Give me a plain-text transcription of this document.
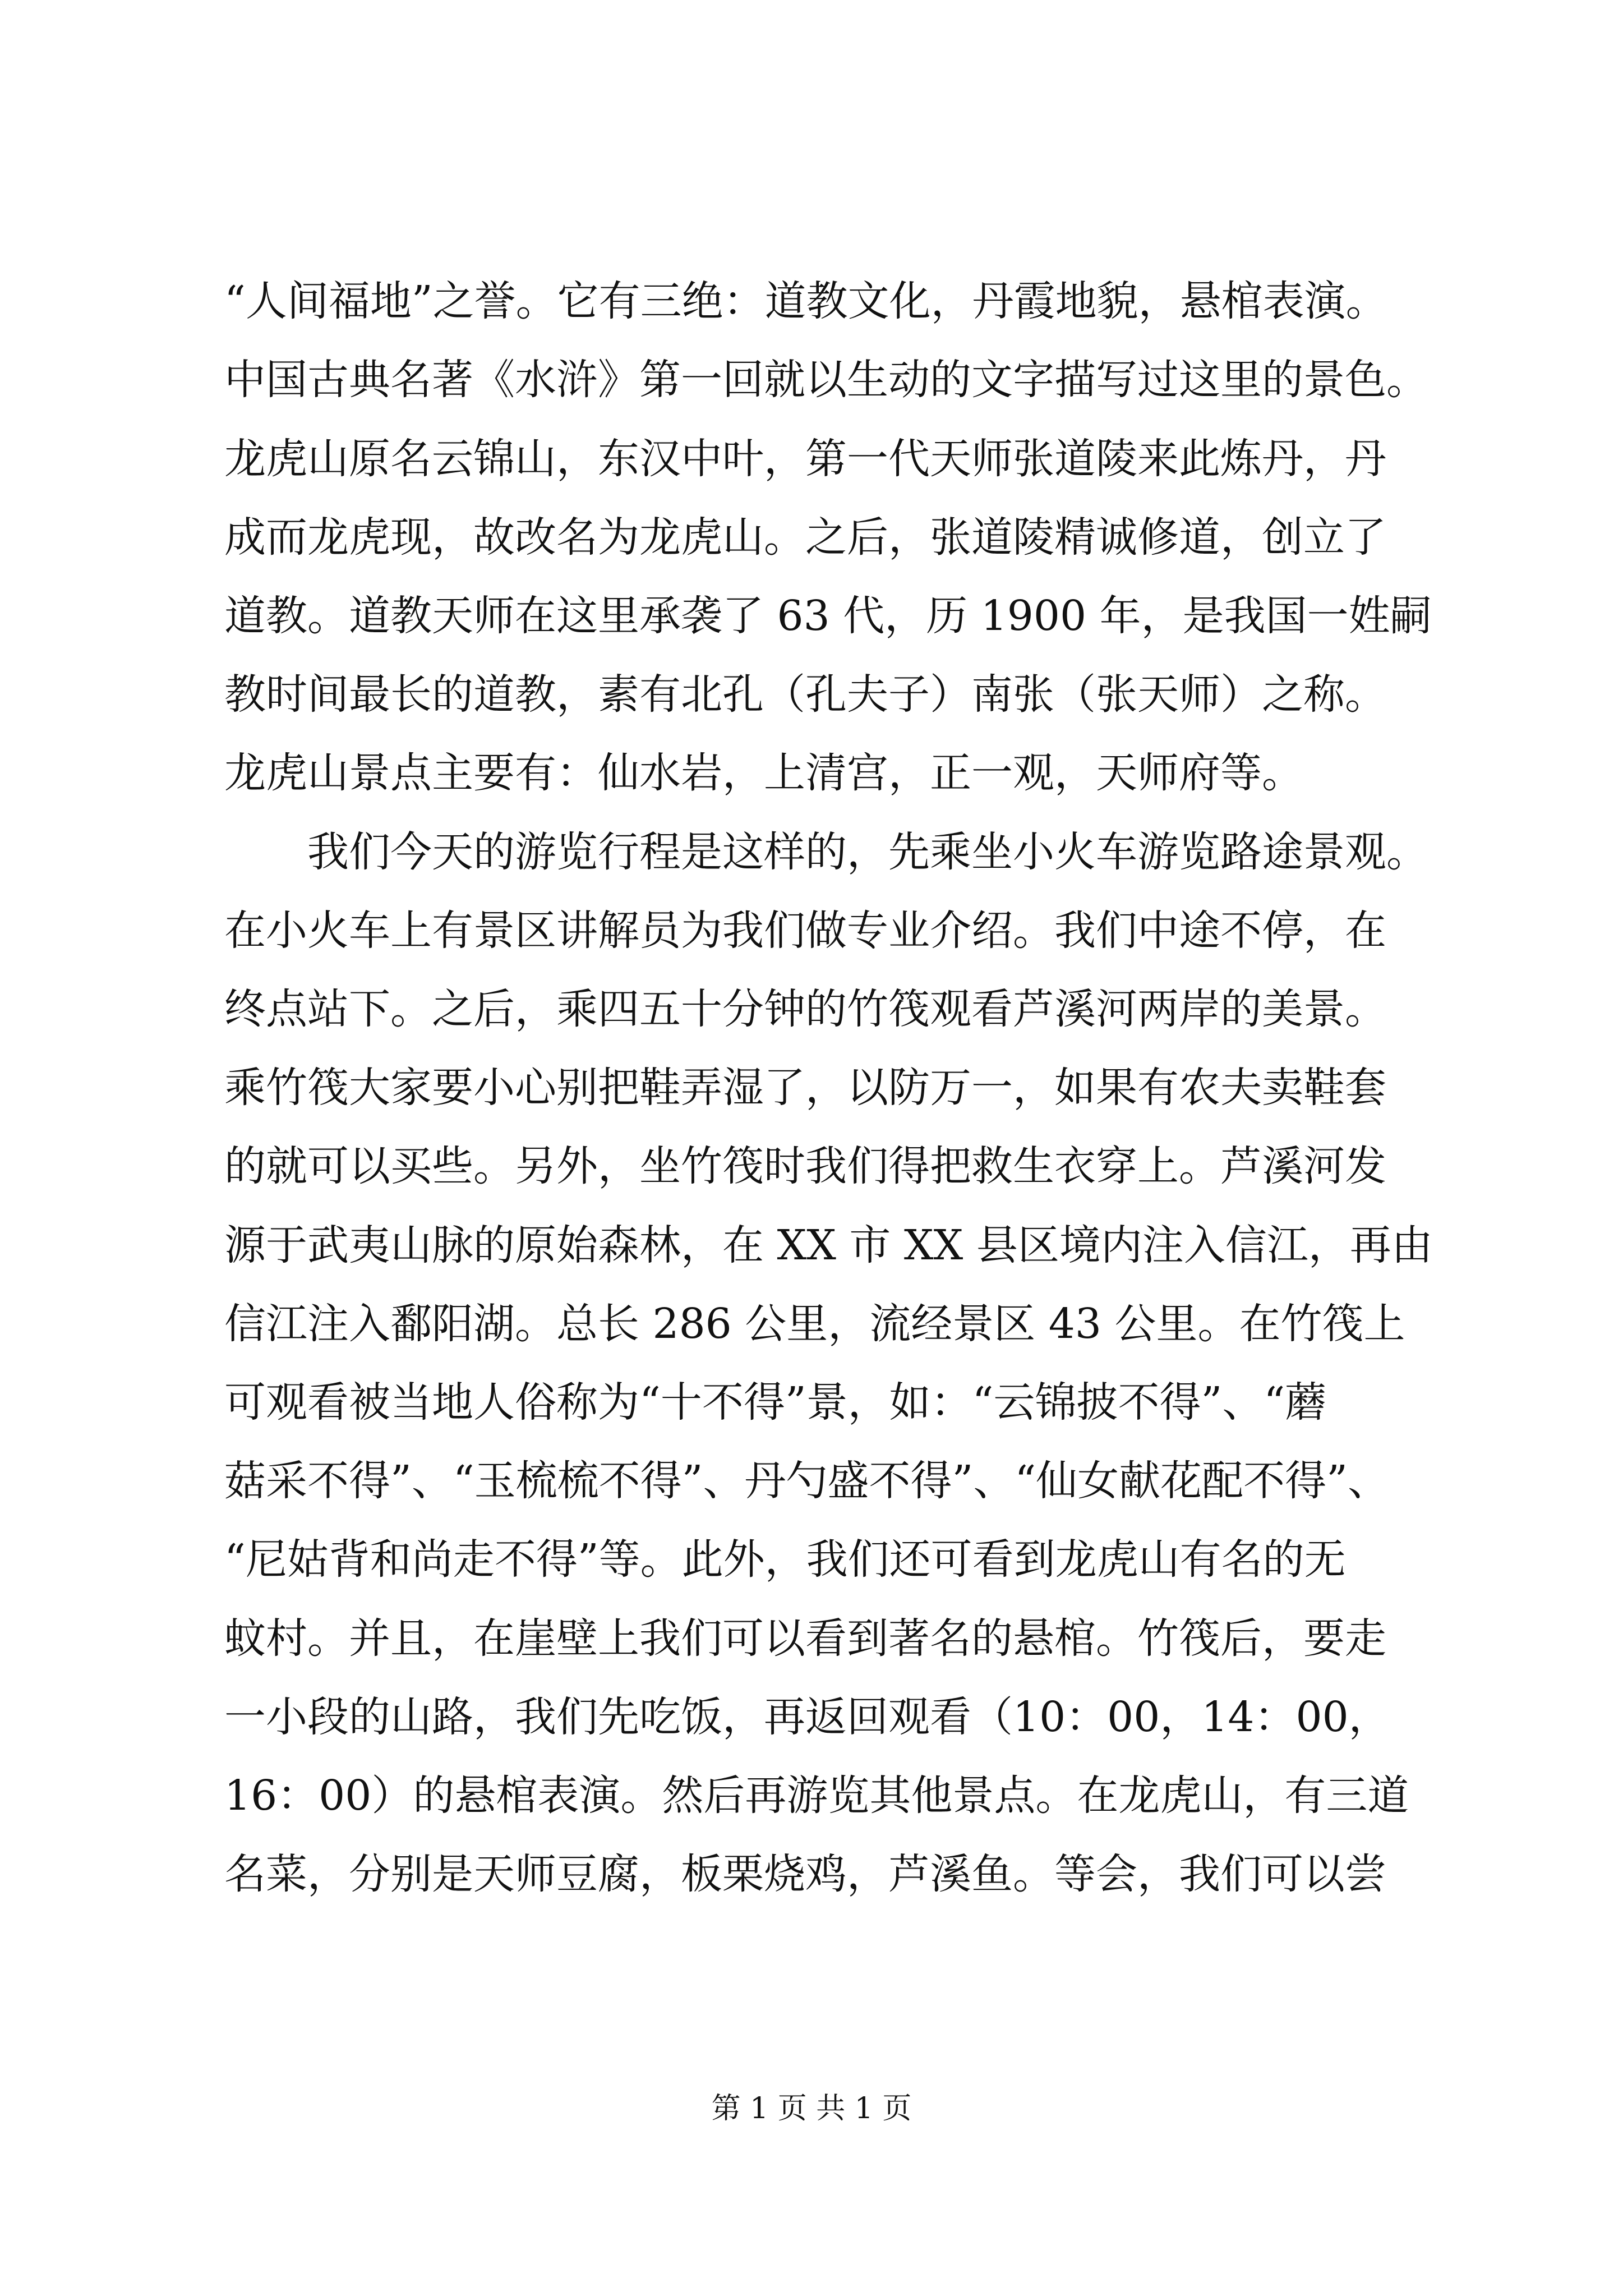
“人间福地”之誉。它有三绝：道教文化，丹霞地貌，悬棺表演。
中国古典名著《水浒》第一回就以生动的文字描写过这里的景色。
龙虎山原名云锦山，东汉中叶，第一代天师张道陵来此炼丹，丹
成而龙虎现，故改名为龙虎山。之后，张道陵精诚修道，创立了
道教。道教天师在这里承袭了 63 代，历 1900 年，是我国一姓嗣
教时间最长的道教，素有北孔（孔夫子）南张（张天师）之称。
龙虎山景点主要有：仙水岩，上清宫，正一观，天师府等。
　　我们今天的游览行程是这样的，先乘坐小火车游览路途景观。
在小火车上有景区讲解员为我们做专业介绍。我们中途不停，在
终点站下。之后，乘四五十分钟的竹筏观看芦溪河两岸的美景。
乘竹筏大家要小心别把鞋弄湿了，以防万一，如果有农夫卖鞋套
的就可以买些。另外，坐竹筏时我们得把救生衣穿上。芦溪河发
源于武夷山脉的原始森林，在 XX 市 XX 县区境内注入信江，再由
信江注入鄱阳湖。总长 286 公里，流经景区 43 公里。在竹筏上
可观看被当地人俗称为“十不得”景，如：“云锦披不得”、“蘑
菇采不得”、“玉梳梳不得”、丹勺盛不得”、“仙女献花配不得”、
“尼姑背和尚走不得”等。此外，我们还可看到龙虎山有名的无
蚊村。并且，在崖壁上我们可以看到著名的悬棺。竹筏后，要走
一小段的山路，我们先吃饭，再返回观看（10：00，14：00，
16：00）的悬棺表演。然后再游览其他景点。在龙虎山，有三道
名菜，分别是天师豆腐，板栗烧鸡，芦溪鱼。等会，我们可以尝
第 1 页 共 1 页
